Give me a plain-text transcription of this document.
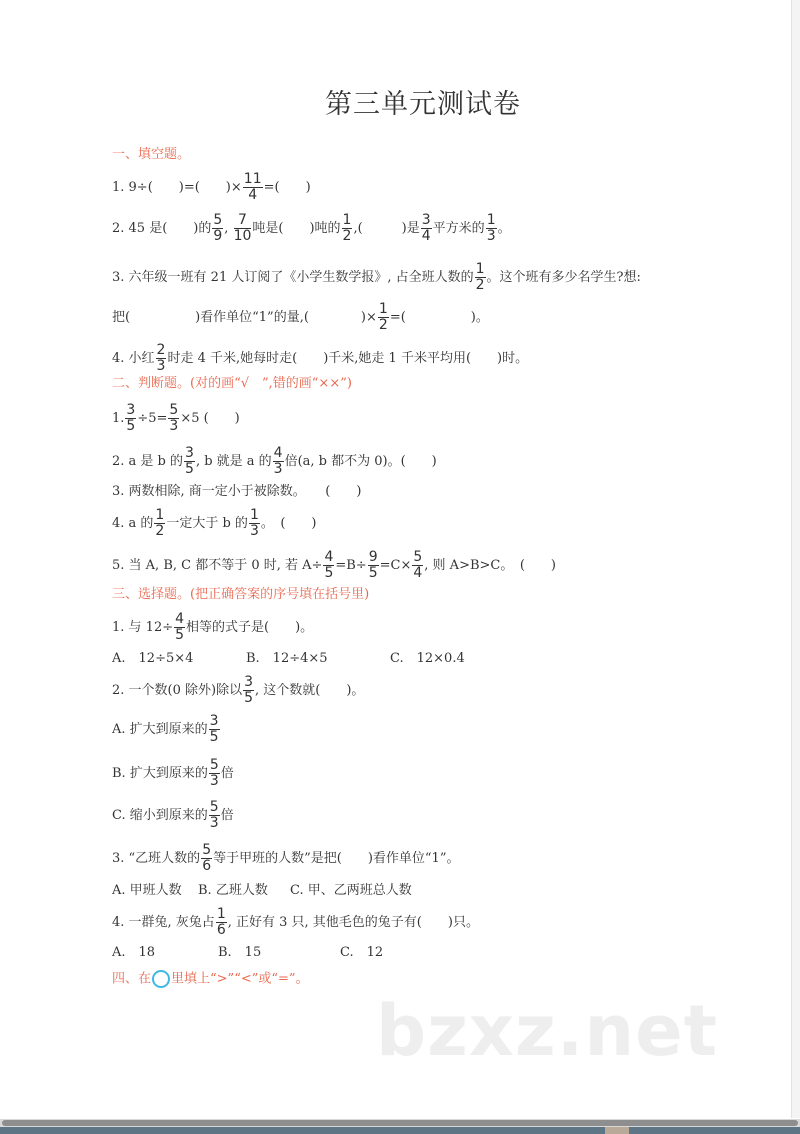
第三单元测试卷
一、填空题。
1. 9÷(　　)=(　　)× $\frac{11}{4}$ =(　　)
2. 45 是(　　)的 $\frac{5}{9}$ , $\frac{7}{10}$ 吨是(　　)吨的 $\frac{1}{2}$ ,(　　　)是 $\frac{3}{4}$ 平方米的 $\frac{1}{3}$ 。
3. 六年级一班有 21 人订阅了《小学生数学报》, 占全班人数的 $\frac{1}{2}$ 。这个班有多少名学生?想:
把(　　　　　)看作单位“1”的量,(　　　　)× $\frac{1}{2}$ =(　　　　　)。
4. 小红 $\frac{2}{3}$ 时走 4 千米,她每时走(　　)千米,她走 1 千米平均用(　　)时。
二、判断题。(对的画“√　”,错的画“××”)
1. $\frac{3}{5} \div 5= \frac{5}{3} \times 5$ (　　)
2. a 是 b 的 $\frac{3}{5}$ , b 就是 a 的 $\frac{4}{3}$ 倍(a, b 都不为 0)。(　　)
3. 两数相除, 商一定小于被除数。　　(　　)
4. a 的 $\frac{1}{2}$ 一定大于 b 的 $\frac{1}{3}$ 。　(　　)
5. 当 A, B, C 都不等于 0 时, 若 $A\div \frac{4}{5} =B\div \frac{9}{5} =C\times \frac{5}{4}$ , 则 A>B>C。　(　　)
三、选择题。(把正确答案的序号填在括号里)
1. 与 $12\div \frac{4}{5}$ 相等的式子是(　　)。
A.　12÷5×4	B.　12÷4×5	C.　12×0.4
2. 一个数(0 除外)除以 $\frac{3}{5}$ , 这个数就(　　)。
A. 扩大到原来的 $\frac{3}{5}$
B. 扩大到原来的 $\frac{5}{3}$ 倍
C. 缩小到原来的 $\frac{5}{3}$ 倍
3. “乙班人数的 $\frac{5}{6}$ 等于甲班的人数”是把(　　)看作单位“1”。
A. 甲班人数 B. 乙班人数 C. 甲、乙两班总人数
4. 一群兔, 灰兔占 $\frac{1}{6}$ , 正好有 3 只, 其他毛色的兔子有(　　)只。
A.　18	B.　15	C.　12
四、在 里填上“>”“<”或“=”。
bzxz.net
